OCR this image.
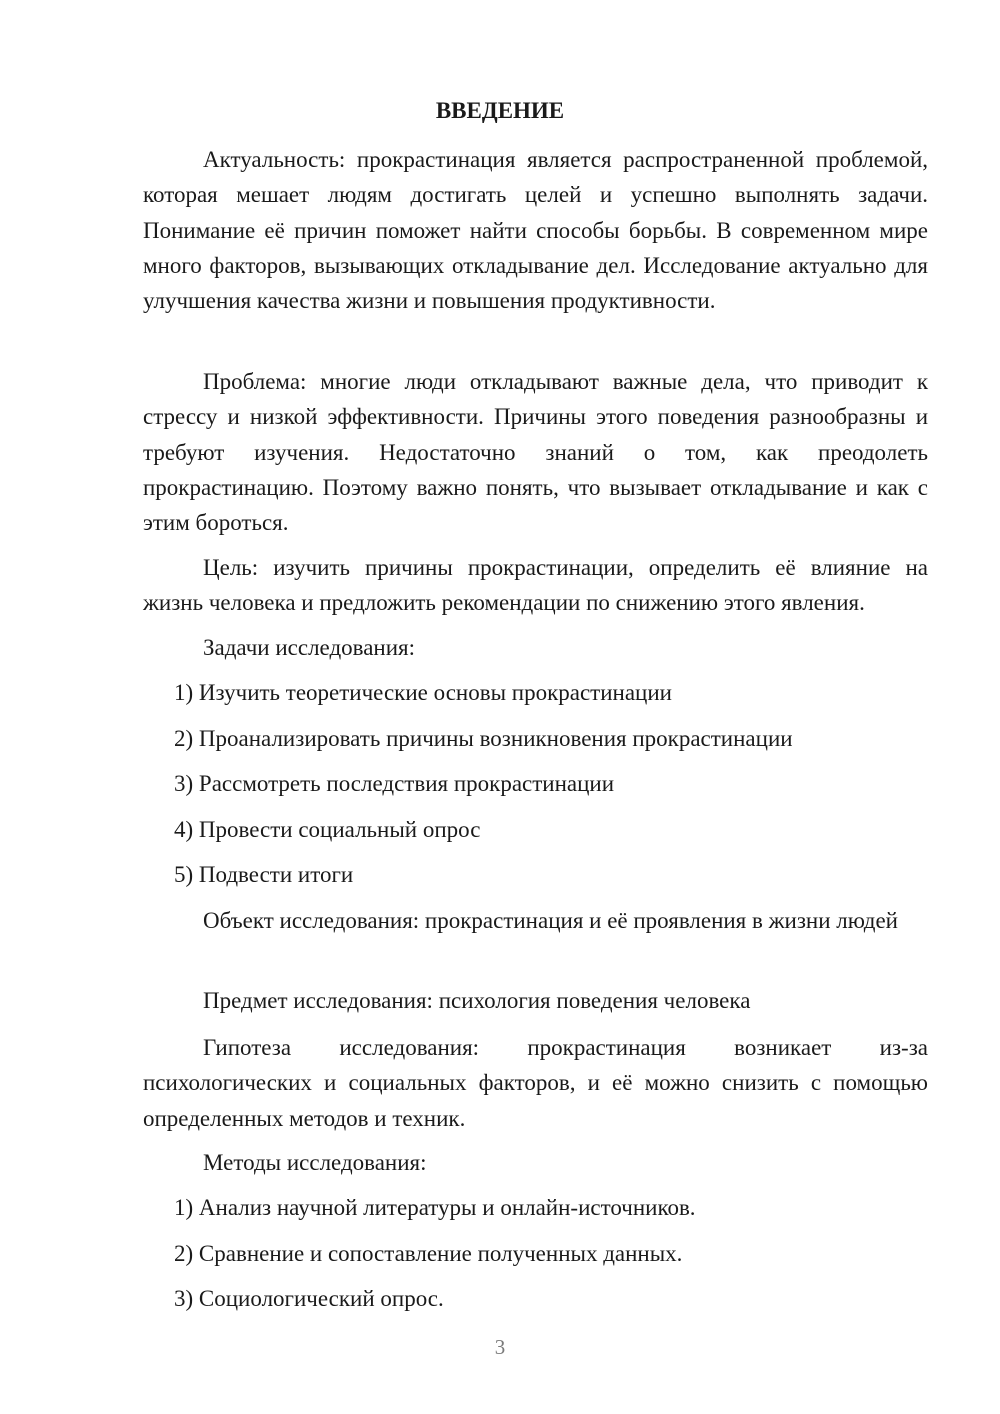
ВВЕДЕНИЕ

Актуальность: прокрастинация является распространенной проблемой, которая мешает людям достигать целей и успешно выполнять задачи. Понимание её причин поможет найти способы борьбы. В современном мире много факторов, вызывающих откладывание дел. Исследование актуально для улучшения качества жизни и повышения продуктивности.

Проблема: многие люди откладывают важные дела, что приводит к стрессу и низкой эффективности. Причины этого поведения разнообразны и требуют изучения. Недостаточно знаний о том, как преодолеть прокрастинацию. Поэтому важно понять, что вызывает откладывание и как с этим бороться.

Цель: изучить причины прокрастинации, определить её влияние на жизнь человека и предложить рекомендации по снижению этого явления.

Задачи исследования:

1) Изучить теоретические основы прокрастинации

2) Проанализировать причины возникновения прокрастинации

3) Рассмотреть последствия прокрастинации

4) Провести социальный опрос

5) Подвести итоги

Объект исследования: прокрастинация и её проявления в жизни людей

Предмет исследования: психология поведения человека

Гипотеза исследования: прокрастинация возникает из-за психологических и социальных факторов, и её можно снизить с помощью определенных методов и техник.

Методы исследования:

1) Анализ научной литературы и онлайн-источников.

2) Сравнение и сопоставление полученных данных.

3) Социологический опрос.

3
